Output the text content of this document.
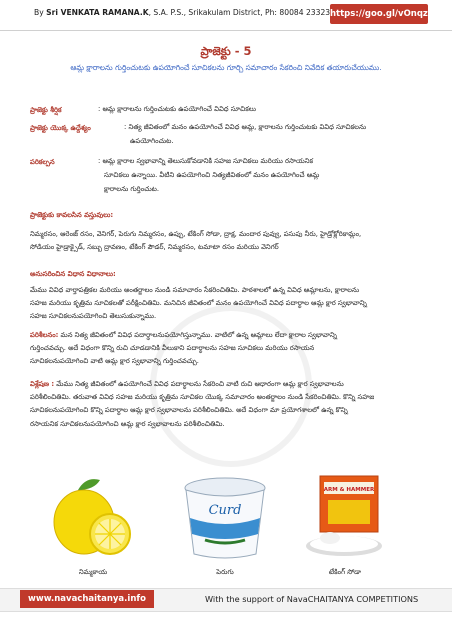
By Sri VENKATA RAMANA.K, S.A. P.S., Srikakulam District, Ph: 80084 23323 https://goo.gl/vOnqzi
ప్రాజెక్టు - 5
ఆమ్ల క్షారాలను గుర్తించుటకు ఉపయోగించే సూచికలను గూర్చి సమాచారం సేకరించి నివేదిక తయారుచేయుము.
ప్రాజెక్టు శీర్షిక	: ఆమ్ల క్షారాలను గుర్తించుటకు ఉపయోగించే వివిధ సూచికలు
ప్రాజెక్టు యొక్క ఉద్దేశ్యం	: నిత్య జీవితంలో మనం ఉపయోగించే వివిధ ఆమ్ల, క్షారాలను గుర్తించుటకు వివిధ సూచికలను
ఉపయోగించుట.
పరికల్పన	: ఆమ్ల క్షారాల స్వభావాన్ని తెలుసుకోవడానికి సహజ సూచికలు మరియు రసాయనిక
సూచికలు ఉన్నాయి. వీటిని ఉపయోగించి నిత్యజీవితంలో మనం ఉపయోగించే ఆమ్ల
క్షారాలను గుర్తించుట.
ప్రాజెక్టుకు కావలసిన వస్తువులు:
నిమ్మరసం, ఆరెంజ్ రసం, వెనిగర్, పెరుగు నిమ్మరసం, ఉప్పు, టేకింగ్ సోడా, ద్రాక్ష, మందార పువ్వు, పసుపు నీరు, హైడ్రోక్లోరికామ్లం,
సోడియం హైడ్రాక్సైడ్, సబ్బు ద్రావణం, టేకింగ్ పౌడర్, నిమ్మరసం, టమాటా రసం మరియు వెనిగర్
అనుసరించిన విధాన విధానాలు:
మేము వివిధ వార్తాపత్రికల మరియు అంతర్జాలం నుండి సమాచారం సేకరించితిమి. పాఠశాలలో ఉన్న వివిధ ఆమ్లాలను, క్షారాలను
సహజ మరియు కృత్రిమ సూచికలతో పరీక్షించితిమి. మనిచిన జీవితంలో మనం ఉపయోగించే వివిధ పదార్థాల ఆమ్ల క్షార స్వభావాన్ని
సహజ సూచికలనుపయోగించి తెలుసుకున్నాము.
పరిశీలనం: మన నిత్య జీవితంలో వివిధ పదార్థాలనుపయోగిస్తున్నాము. వాటిలో ఉన్న ఆమ్లాలు లేదా క్షారాల స్వభావాన్ని
గుర్తించవచ్చు. అదే విధంగా కొన్ని రుచి చూడడానికి వీలుకాని పదార్థాలను సహజ సూచికలు మరియు రసాయన
సూచికలనుపయోగించి వాటి ఆమ్ల క్షార స్వభావాన్ని గుర్తించవచ్చు.
విశ్లేషణ : మేము నిత్య జీవితంలో ఉపయోగించే వివిధ పదార్థాలను సేకరించి వాటి రుచి ఆధారంగా ఆమ్ల క్షార స్వభావాలను
పరిశీలించితిమి. తరువాత వివిధ సహజ మరియు కృత్రిమ సూచికల యొక్క సమాచారం అంతర్జాలం నుండి సేకరించితిమి. కొన్ని సహజ
సూచికలనుపయోగించి కొన్ని పదార్థాల ఆమ్ల క్షార స్వభావాలను పరిశీలించితిమి. అదే విధంగా మా ప్రయోగశాలలో ఉన్న కొన్ని
రసాయనిక సూచికలనుపయోగించి ఆమ్ల క్షార స్వభావాలను పరిశీలించితిమి.
నిమ్మకాయ
Curd
పెరుగు
ARM & HAMMER
టేకింగ్ సోడా
www.navachaitanya.info	With the support of NavaCHAITANYA COMPETITIONS
